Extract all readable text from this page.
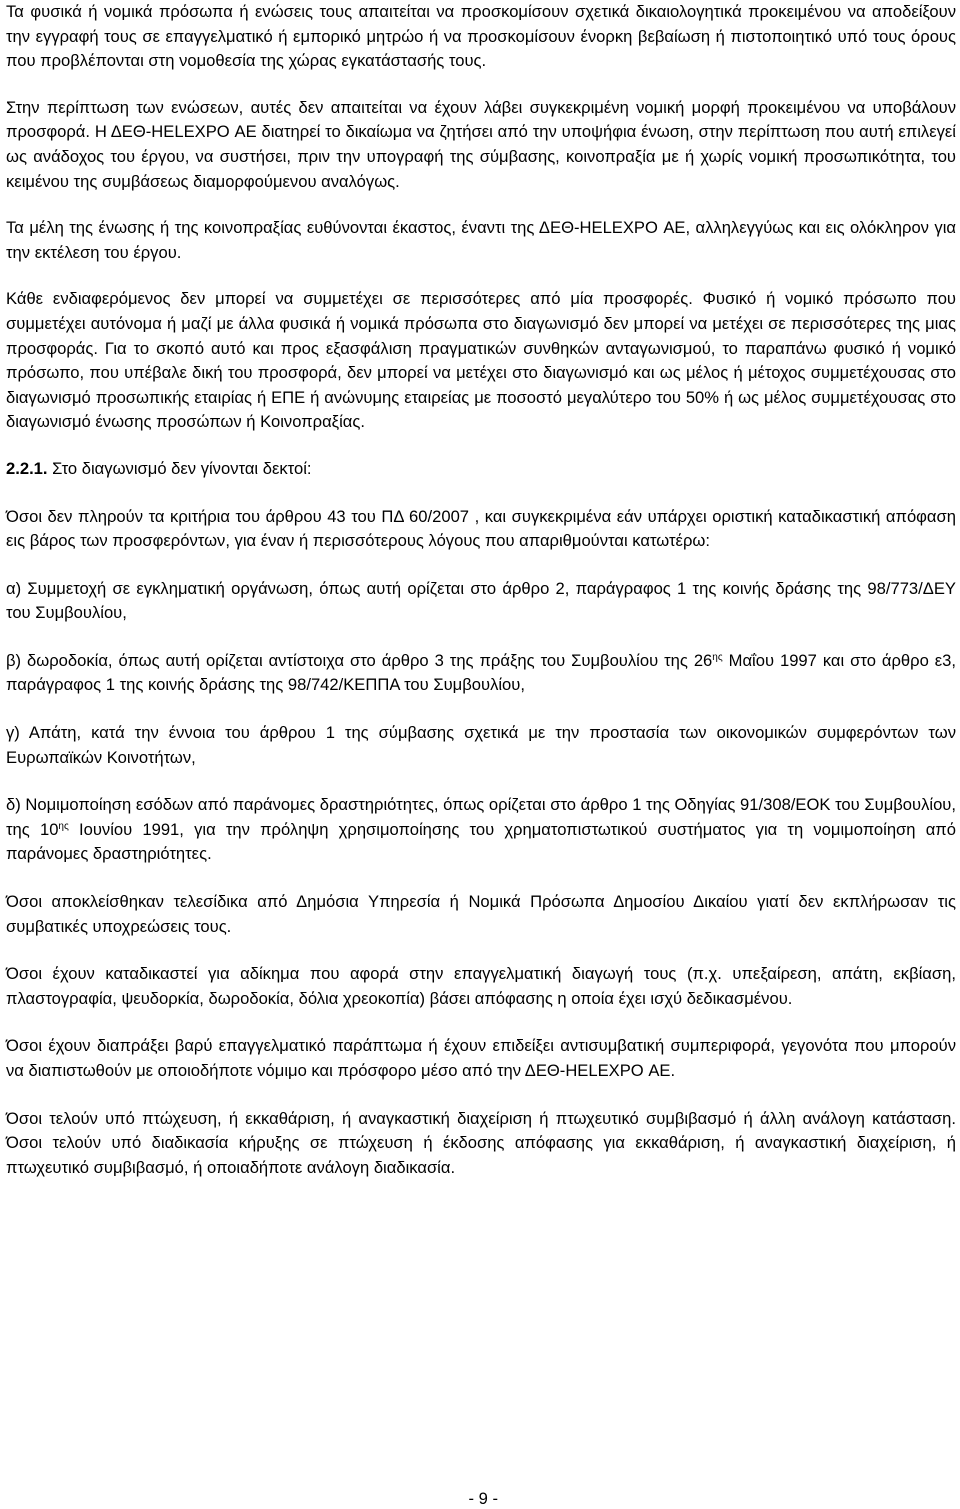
Τα φυσικά ή νομικά πρόσωπα ή ενώσεις τους απαιτείται να προσκομίσουν σχετικά δικαιολογητικά προκειμένου να αποδείξουν την εγγραφή τους σε επαγγελματικό ή εμπορικό μητρώο ή να προσκομίσουν ένορκη βεβαίωση ή πιστοποιητικό υπό τους όρους που προβλέπονται στη νομοθεσία της χώρας εγκατάστασής τους.

Στην περίπτωση των ενώσεων, αυτές δεν απαιτείται να έχουν λάβει συγκεκριμένη νομική μορφή προκειμένου να υποβάλουν προσφορά. Η ΔΕΘ-HELEXPO ΑΕ διατηρεί το δικαίωμα να ζητήσει από την υποψήφια ένωση, στην περίπτωση που αυτή επιλεγεί ως ανάδοχος του έργου, να συστήσει, πριν την υπογραφή της σύμβασης, κοινοπραξία με ή χωρίς νομική προσωπικότητα, του κειμένου της συμβάσεως διαμορφούμενου αναλόγως.

Τα μέλη της ένωσης ή της κοινοπραξίας ευθύνονται έκαστος, έναντι της ΔΕΘ-HELEXPO ΑΕ, αλληλεγγύως και εις ολόκληρον για την εκτέλεση του έργου.

Κάθε ενδιαφερόμενος δεν μπορεί να συμμετέχει σε περισσότερες από μία προσφορές. Φυσικό ή νομικό πρόσωπο που συμμετέχει αυτόνομα ή μαζί με άλλα φυσικά ή νομικά πρόσωπα στο διαγωνισμό δεν μπορεί να μετέχει σε περισσότερες της μιας προσφοράς. Για το σκοπό αυτό και προς εξασφάλιση πραγματικών συνθηκών ανταγωνισμού, το παραπάνω φυσικό ή νομικό πρόσωπο, που υπέβαλε δική του προσφορά, δεν μπορεί να μετέχει στο διαγωνισμό και ως μέλος ή μέτοχος συμμετέχουσας στο διαγωνισμό προσωπικής εταιρίας ή ΕΠΕ ή ανώνυμης εταιρείας με ποσοστό μεγαλύτερο του 50% ή ως μέλος συμμετέχουσας στο διαγωνισμό ένωσης προσώπων ή Κοινοπραξίας.

2.2.1. Στο διαγωνισμό δεν γίνονται δεκτοί:

Όσοι δεν πληρούν τα κριτήρια του άρθρου 43 του ΠΔ 60/2007 , και συγκεκριμένα εάν υπάρχει οριστική καταδικαστική απόφαση εις βάρος των προσφερόντων, για έναν ή περισσότερους λόγους που απαριθμούνται κατωτέρω:

α) Συμμετοχή σε εγκληματική οργάνωση, όπως αυτή ορίζεται στο άρθρο 2, παράγραφος 1 της κοινής δράσης της 98/773/ΔΕΥ του Συμβουλίου,

β) δωροδοκία, όπως αυτή ορίζεται αντίστοιχα στο άρθρο 3 της πράξης του Συμβουλίου της $26^{\eta\varsigma}$ Μαΐου 1997 και στο άρθρο ε3, παράγραφος 1 της κοινής δράσης της 98/742/ΚΕΠΠΑ του Συμβουλίου,

γ) Απάτη, κατά την έννοια του άρθρου 1 της σύμβασης σχετικά με την προστασία των οικονομικών συμφερόντων των Ευρωπαϊκών Κοινοτήτων,

δ) Νομιμοποίηση εσόδων από παράνομες δραστηριότητες, όπως ορίζεται στο άρθρο 1 της Οδηγίας 91/308/ΕΟΚ του Συμβουλίου, της $10^{\eta\varsigma}$ Ιουνίου 1991, για την πρόληψη χρησιμοποίησης του χρηματοπιστωτικού συστήματος για τη νομιμοποίηση από παράνομες δραστηριότητες.

Όσοι αποκλείσθηκαν τελεσίδικα από Δημόσια Υπηρεσία ή Νομικά Πρόσωπα Δημοσίου Δικαίου γιατί δεν εκπλήρωσαν τις συμβατικές υποχρεώσεις τους.

Όσοι έχουν καταδικαστεί για αδίκημα που αφορά στην επαγγελματική διαγωγή τους (π.χ. υπεξαίρεση, απάτη, εκβίαση, πλαστογραφία, ψευδορκία, δωροδοκία, δόλια χρεοκοπία) βάσει απόφασης η οποία έχει ισχύ δεδικασμένου.

Όσοι έχουν διαπράξει βαρύ επαγγελματικό παράπτωμα ή έχουν επιδείξει αντισυμβατική συμπεριφορά, γεγονότα που μπορούν να διαπιστωθούν με οποιοδήποτε νόμιμο και πρόσφορο μέσο από την ΔΕΘ-HELEXPO ΑΕ.

Όσοι τελούν υπό πτώχευση, ή εκκαθάριση, ή αναγκαστική διαχείριση ή πτωχευτικό συμβιβασμό ή άλλη ανάλογη κατάσταση. Όσοι τελούν υπό διαδικασία κήρυξης σε πτώχευση ή έκδοσης απόφασης για εκκαθάριση, ή αναγκαστική διαχείριση, ή πτωχευτικό συμβιβασμό, ή οποιαδήποτε ανάλογη διαδικασία.

- 9 -
